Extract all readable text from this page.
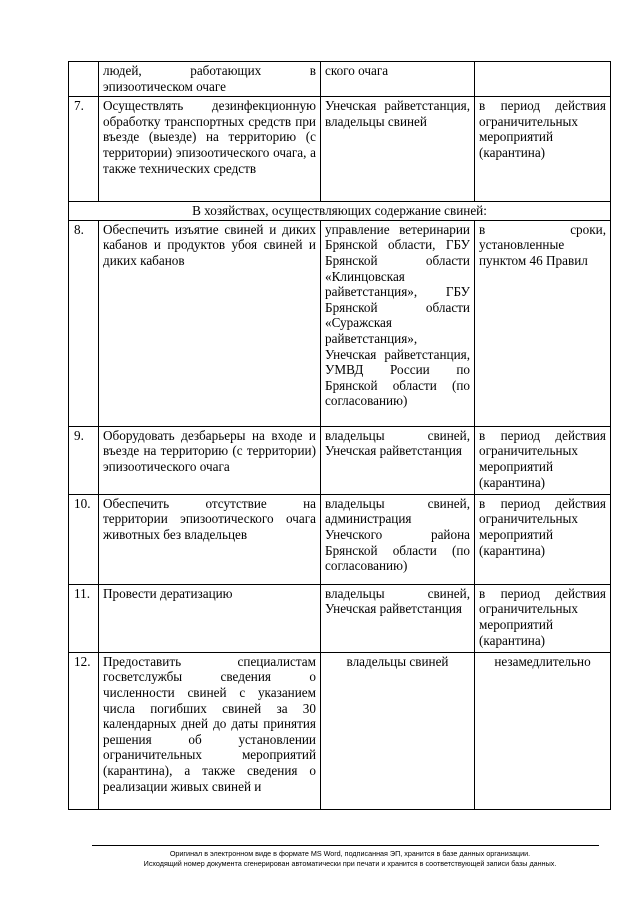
	людей, работающих в эпизоотическом очаге	ского очага	
7.	Осуществлять дезинфекционную обработку транспортных средств при въезде (выезде) на территорию (с территории) эпизоотического очага, а также технических средств	Унечская райветстанция, владельцы свиней	в период действия ограничительных мероприятий (карантина)
В хозяйствах, осуществляющих содержание свиней:			
8.	Обеспечить изъятие свиней и диких кабанов и продуктов убоя свиней и диких кабанов	управление ветеринарии Брянской области, ГБУ Брянской области «Клинцовская райветстанция», ГБУ Брянской области «Суражская райветстанция», Унечская райветстанция, УМВД России по Брянской области (по согласованию)	в сроки, установленные пунктом 46 Правил
9.	Оборудовать дезбарьеры на входе и въезде на территорию (с территории) эпизоотического очага	владельцы свиней, Унечская райветстанция	в период действия ограничительных мероприятий (карантина)
10.	Обеспечить отсутствие на территории эпизоотического очага животных без владельцев	владельцы свиней, администрация Унечского района Брянской области (по согласованию)	в период действия ограничительных мероприятий (карантина)
11.	Провести дератизацию	владельцы свиней, Унечская райветстанция	в период действия ограничительных мероприятий (карантина)
12.	Предоставить специалистам госветслужбы сведения о численности свиней с указанием числа погибших свиней за 30 календарных дней до даты принятия решения об установлении ограничительных мероприятий (карантина), а также сведения о реализации живых свиней и	владельцы свиней	незамедлительно
Оригинал в электронном виде в формате MS Word, подписанная ЭП, хранится в базе данных организации.
Исходящий номер документа сгенерирован автоматически при печати и хранится в соответствующей записи базы данных.
